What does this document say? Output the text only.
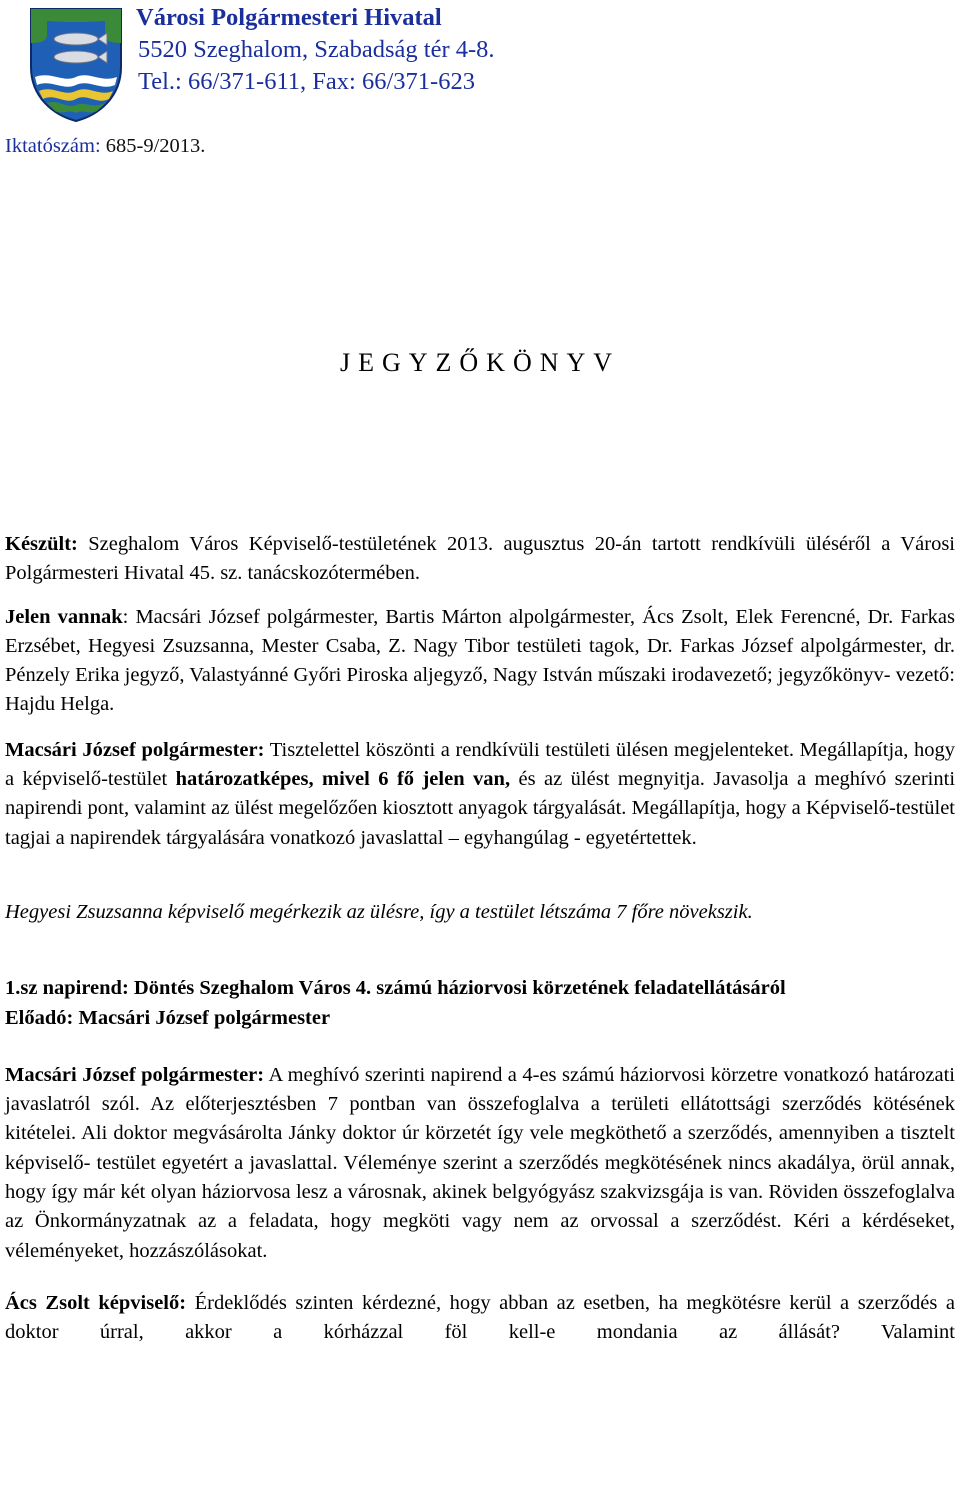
Városi Polgármesteri Hivatal
5520 Szeghalom, Szabadság tér 4-8.
Tel.: 66/371-611, Fax: 66/371-623
Iktatószám: 685-9/2013.
JEGYZŐKÖNYV

Készült: Szeghalom Város Képviselő-testületének 2013. augusztus 20-án tartott rendkívüli üléséről a Városi Polgármesteri Hivatal 45. sz. tanácskozótermében.

Jelen vannak: Macsári József polgármester, Bartis Márton alpolgármester, Ács Zsolt, Elek Ferencné, Dr. Farkas Erzsébet, Hegyesi Zsuzsanna, Mester Csaba, Z. Nagy Tibor testületi tagok, Dr. Farkas József alpolgármester, dr. Pénzely Erika jegyző, Valastyánné Győri Piroska aljegyző, Nagy István műszaki irodavezető; jegyzőkönyv- vezető: Hajdu Helga.

Macsári József polgármester: Tisztelettel köszönti a rendkívüli testületi ülésen megjelenteket. Megállapítja, hogy a képviselő-testület határozatképes, mivel 6 fő jelen van, és az ülést megnyitja. Javasolja a meghívó szerinti napirendi pont, valamint az ülést megelőzően kiosztott anyagok tárgyalását. Megállapítja, hogy a Képviselő-testület tagjai a napirendek tárgyalására vonatkozó javaslattal – egyhangúlag - egyetértettek.

Hegyesi Zsuzsanna képviselő megérkezik az ülésre, így a testület létszáma 7 főre növekszik.

1.sz napirend: Döntés Szeghalom Város 4. számú háziorvosi körzetének feladatellátásáról

Előadó: Macsári József polgármester

Macsári József polgármester: A meghívó szerinti napirend a 4-es számú háziorvosi körzetre vonatkozó határozati javaslatról szól. Az előterjesztésben 7 pontban van összefoglalva a területi ellátottsági szerződés kötésének kitételei. Ali doktor megvásárolta Jánky doktor úr körzetét így vele megköthető a szerződés, amennyiben a tisztelt képviselő- testület egyetért a javaslattal. Véleménye szerint a szerződés megkötésének nincs akadálya, örül annak, hogy így már két olyan háziorvosa lesz a városnak, akinek belgyógyász szakvizsgája is van. Röviden összefoglalva az Önkormányzatnak az a feladata, hogy megköti vagy nem az orvossal a szerződést. Kéri a kérdéseket, véleményeket, hozzászólásokat.

Ács Zsolt képviselő: Érdeklődés szinten kérdezné, hogy abban az esetben, ha megkötésre kerül a szerződés a doktor úrral, akkor a kórházzal föl kell-e mondania az állását? Valamint
